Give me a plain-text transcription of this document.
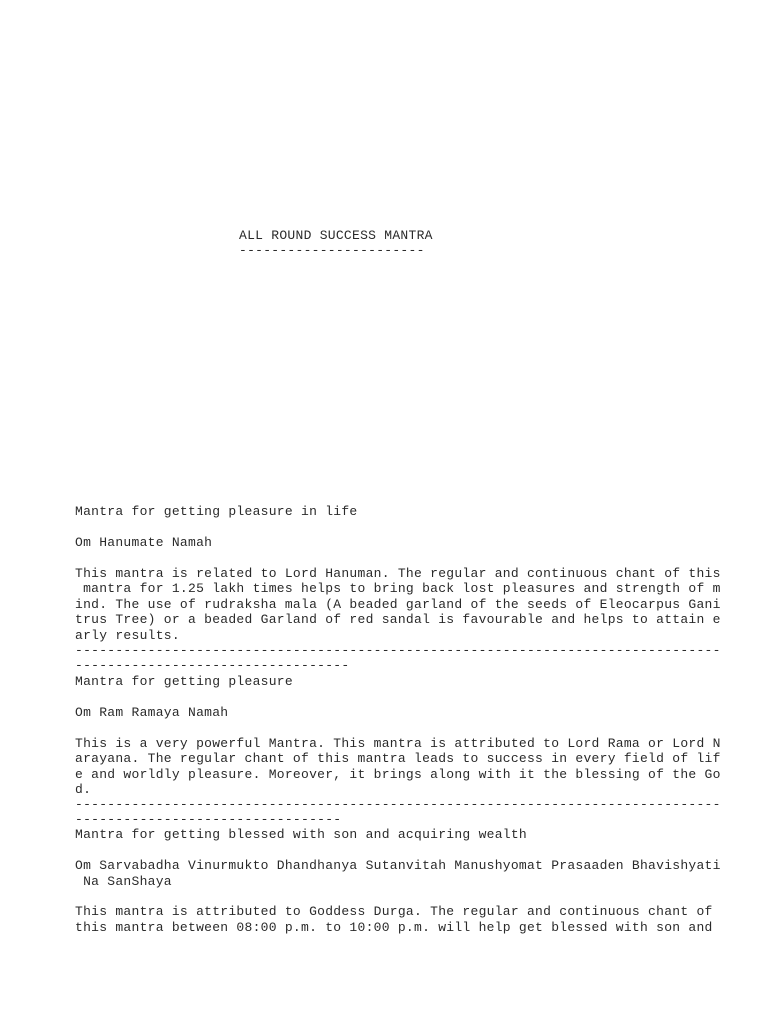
ALL ROUND SUCCESS MANTRA

-----------------------

Mantra for getting pleasure in life

Om Hanumate Namah

This mantra is related to Lord Hanuman. The regular and continuous chant of this

mantra for 1.25 lakh times helps to bring back lost pleasures and strength of m

ind. The use of rudraksha mala (A beaded garland of the seeds of Eleocarpus Gani

trus Tree) or a beaded Garland of red sandal is favourable and helps to attain e

arly results.

--------------------------------------------------------------------------------

----------------------------------

Mantra for getting pleasure

Om Ram Ramaya Namah

This is a very powerful Mantra. This mantra is attributed to Lord Rama or Lord N

arayana. The regular chant of this mantra leads to success in every field of lif

e and worldly pleasure. Moreover, it brings along with it the blessing of the Go

d.

--------------------------------------------------------------------------------

---------------------------------

Mantra for getting blessed with son and acquiring wealth

Om Sarvabadha Vinurmukto Dhandhanya Sutanvitah Manushyomat Prasaaden Bhavishyati

Na SanShaya

This mantra is attributed to Goddess Durga. The regular and continuous chant of

this mantra between 08:00 p.m. to 10:00 p.m. will help get blessed with son and
